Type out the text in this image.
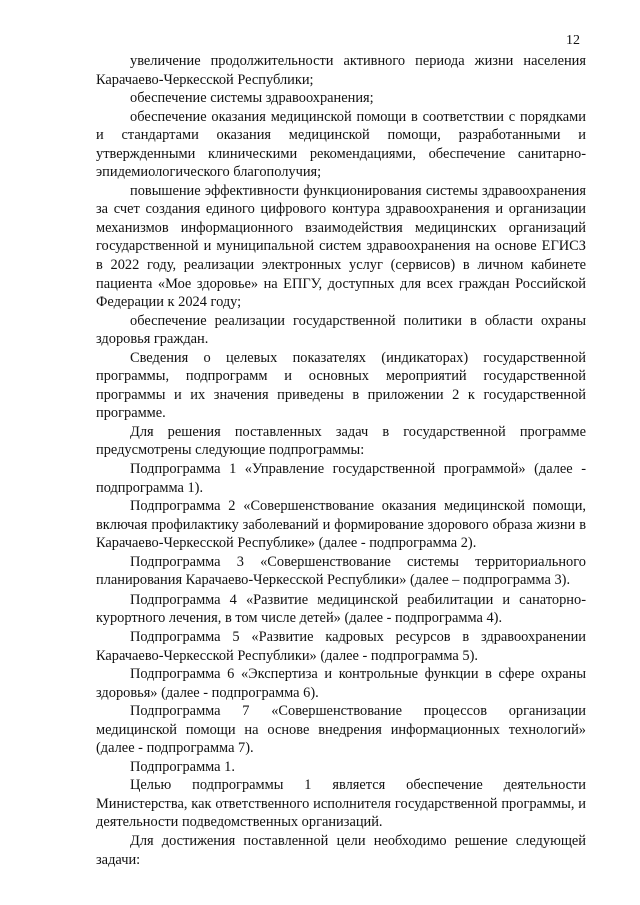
12

увеличение продолжительности активного периода жизни населения Карачаево-Черкесской Республики;

обеспечение системы здравоохранения;

обеспечение оказания медицинской помощи в соответствии с порядками и стандартами оказания медицинской помощи, разработанными и утвержденными клиническими рекомендациями, обеспечение санитарно-эпидемиологического благополучия;

повышение эффективности функционирования системы здравоохранения за счет создания единого цифрового контура здравоохранения и организации механизмов информационного взаимодействия медицинских организаций государственной и муниципальной систем здравоохранения на основе ЕГИСЗ в 2022 году, реализации электронных услуг (сервисов) в личном кабинете пациента «Мое здоровье» на ЕПГУ, доступных для всех граждан Российской Федерации к 2024 году;

обеспечение реализации государственной политики в области охраны здоровья граждан.

Сведения о целевых показателях (индикаторах) государственной программы, подпрограмм и основных мероприятий государственной программы и их значения приведены в приложении 2 к государственной программе.

Для решения поставленных задач в государственной программе предусмотрены следующие подпрограммы:

Подпрограмма 1 «Управление государственной программой» (далее - подпрограмма 1).

Подпрограмма 2 «Совершенствование оказания медицинской помощи, включая профилактику заболеваний и формирование здорового образа жизни в Карачаево-Черкесской Республике» (далее - подпрограмма 2).

Подпрограмма 3 «Совершенствование системы территориального планирования Карачаево-Черкесской Республики» (далее – подпрограмма 3).

Подпрограмма 4 «Развитие медицинской реабилитации и санаторно-курортного лечения, в том числе детей» (далее - подпрограмма 4).

Подпрограмма 5 «Развитие кадровых ресурсов в здравоохранении Карачаево-Черкесской Республики» (далее - подпрограмма 5).

Подпрограмма 6 «Экспертиза и контрольные функции в сфере охраны здоровья» (далее - подпрограмма 6).

Подпрограмма 7 «Совершенствование процессов организации медицинской помощи на основе внедрения информационных технологий» (далее - подпрограмма 7).

Подпрограмма 1.

Целью подпрограммы 1 является обеспечение деятельности Министерства, как ответственного исполнителя государственной программы, и деятельности подведомственных организаций.

Для достижения поставленной цели необходимо решение следующей задачи:
